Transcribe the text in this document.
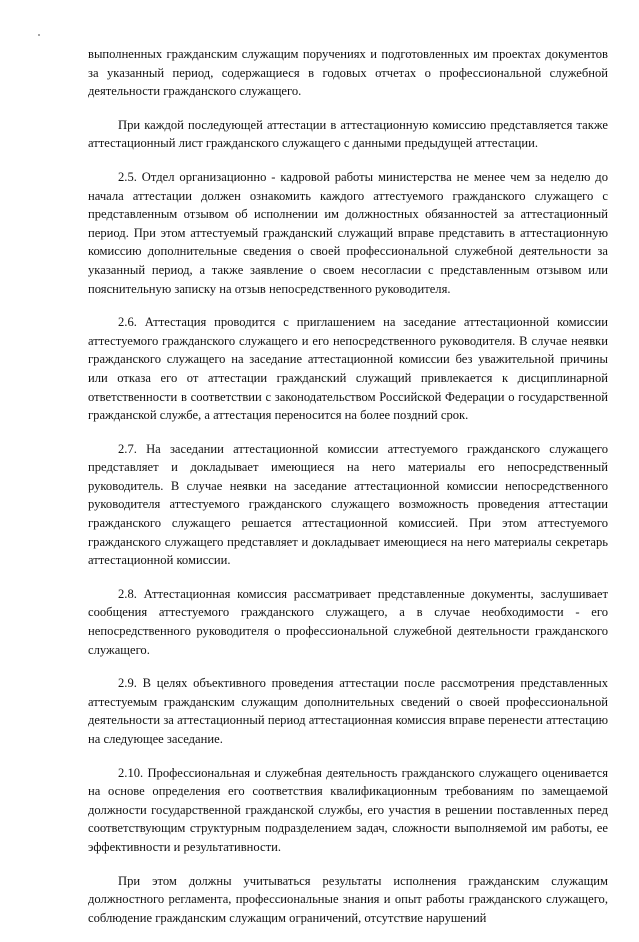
выполненных гражданским служащим поручениях и подготовленных им проектах документов за указанный период, содержащиеся в годовых отчетах о профессиональной служебной деятельности гражданского служащего.

При каждой последующей аттестации в аттестационную комиссию представляется также аттестационный лист гражданского служащего с данными предыдущей аттестации.

2.5. Отдел организационно - кадровой работы министерства не менее чем за неделю до начала аттестации должен ознакомить каждого аттестуемого гражданского служащего с представленным отзывом об исполнении им должностных обязанностей за аттестационный период. При этом аттестуемый гражданский служащий вправе представить в аттестационную комиссию дополнительные сведения о своей профессиональной служебной деятельности за указанный период, а также заявление о своем несогласии с представленным отзывом или пояснительную записку на отзыв непосредственного руководителя.

2.6. Аттестация проводится с приглашением на заседание аттестационной комиссии аттестуемого гражданского служащего и его непосредственного руководителя. В случае неявки гражданского служащего на заседание аттестационной комиссии без уважительной причины или отказа его от аттестации гражданский служащий привлекается к дисциплинарной ответственности в соответствии с законодательством Российской Федерации о государственной гражданской службе, а аттестация переносится на более поздний срок.

2.7. На заседании аттестационной комиссии аттестуемого гражданского служащего представляет и докладывает имеющиеся на него материалы его непосредственный руководитель. В случае неявки на заседание аттестационной комиссии непосредственного руководителя аттестуемого гражданского служащего возможность проведения аттестации гражданского служащего решается аттестационной комиссией. При этом аттестуемого гражданского служащего представляет и докладывает имеющиеся на него материалы секретарь аттестационной комиссии.

2.8. Аттестационная комиссия рассматривает представленные документы, заслушивает сообщения аттестуемого гражданского служащего, а в случае необходимости - его непосредственного руководителя о профессиональной служебной деятельности гражданского служащего.

2.9. В целях объективного проведения аттестации после рассмотрения представленных аттестуемым гражданским служащим дополнительных сведений о своей профессиональной деятельности за аттестационный период аттестационная комиссия вправе перенести аттестацию на следующее заседание.

2.10. Профессиональная и служебная деятельность гражданского служащего оценивается на основе определения его соответствия квалификационным требованиям по замещаемой должности государственной гражданской службы, его участия в решении поставленных перед соответствующим структурным подразделением задач, сложности выполняемой им работы, ее эффективности и результативности.

При этом должны учитываться результаты исполнения гражданским служащим должностного регламента, профессиональные знания и опыт работы гражданского служащего, соблюдение гражданским служащим ограничений, отсутствие нарушений
